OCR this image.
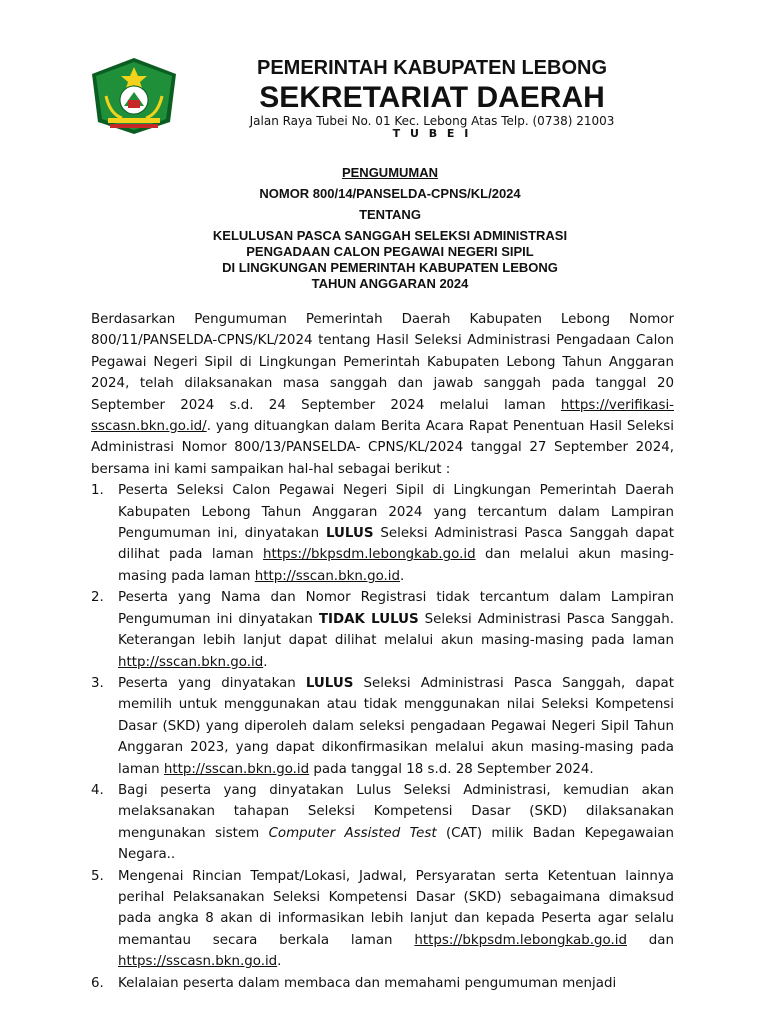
PEMERINTAH KABUPATEN LEBONG
SEKRETARIAT DAERAH
Jalan Raya Tubei No. 01 Kec. Lebong Atas Telp. (0738) 21003
T U B E I
PENGUMUMAN
NOMOR 800/14/PANSELDA-CPNS/KL/2024
TENTANG
KELULUSAN PASCA SANGGAH SELEKSI ADMINISTRASI
PENGADAAN CALON PEGAWAI NEGERI SIPIL
DI LINGKUNGAN PEMERINTAH KABUPATEN LEBONG
TAHUN ANGGARAN 2024

Berdasarkan Pengumuman Pemerintah Daerah Kabupaten Lebong Nomor 800/11/PANSELDA-CPNS/KL/2024 tentang Hasil Seleksi Administrasi Pengadaan Calon Pegawai Negeri Sipil di Lingkungan Pemerintah Kabupaten Lebong Tahun Anggaran 2024, telah dilaksanakan masa sanggah dan jawab sanggah pada tanggal 20 September 2024 s.d. 24 September 2024 melalui laman https://verifikasi-sscasn.bkn.go.id/. yang dituangkan dalam Berita Acara Rapat Penentuan Hasil Seleksi Administrasi Nomor 800/13/PANSELDA- CPNS/KL/2024 tanggal 27 September 2024, bersama ini kami sampaikan hal-hal sebagai berikut :

1. Peserta Seleksi Calon Pegawai Negeri Sipil di Lingkungan Pemerintah Daerah Kabupaten Lebong Tahun Anggaran 2024 yang tercantum dalam Lampiran Pengumuman ini, dinyatakan LULUS Seleksi Administrasi Pasca Sanggah dapat dilihat pada laman https://bkpsdm.lebongkab.go.id dan melalui akun masing-masing pada laman http://sscan.bkn.go.id.
2. Peserta yang Nama dan Nomor Registrasi tidak tercantum dalam Lampiran Pengumuman ini dinyatakan TIDAK LULUS Seleksi Administrasi Pasca Sanggah. Keterangan lebih lanjut dapat dilihat melalui akun masing-masing pada laman http://sscan.bkn.go.id.
3. Peserta yang dinyatakan LULUS Seleksi Administrasi Pasca Sanggah, dapat memilih untuk menggunakan atau tidak menggunakan nilai Seleksi Kompetensi Dasar (SKD) yang diperoleh dalam seleksi pengadaan Pegawai Negeri Sipil Tahun Anggaran 2023, yang dapat dikonfirmasikan melalui akun masing-masing pada laman http://sscan.bkn.go.id pada tanggal 18 s.d. 28 September 2024.
4. Bagi peserta yang dinyatakan Lulus Seleksi Administrasi, kemudian akan melaksanakan tahapan Seleksi Kompetensi Dasar (SKD) dilaksanakan mengunakan sistem Computer Assisted Test (CAT) milik Badan Kepegawaian Negara..
5. Mengenai Rincian Tempat/Lokasi, Jadwal, Persyaratan serta Ketentuan lainnya perihal Pelaksanakan Seleksi Kompetensi Dasar (SKD) sebagaimana dimaksud pada angka 8 akan di informasikan lebih lanjut dan kepada Peserta agar selalu memantau secara berkala laman https://bkpsdm.lebongkab.go.id dan https://sscasn.bkn.go.id.
6. Kelalaian peserta dalam membaca dan memahami pengumuman menjadi
